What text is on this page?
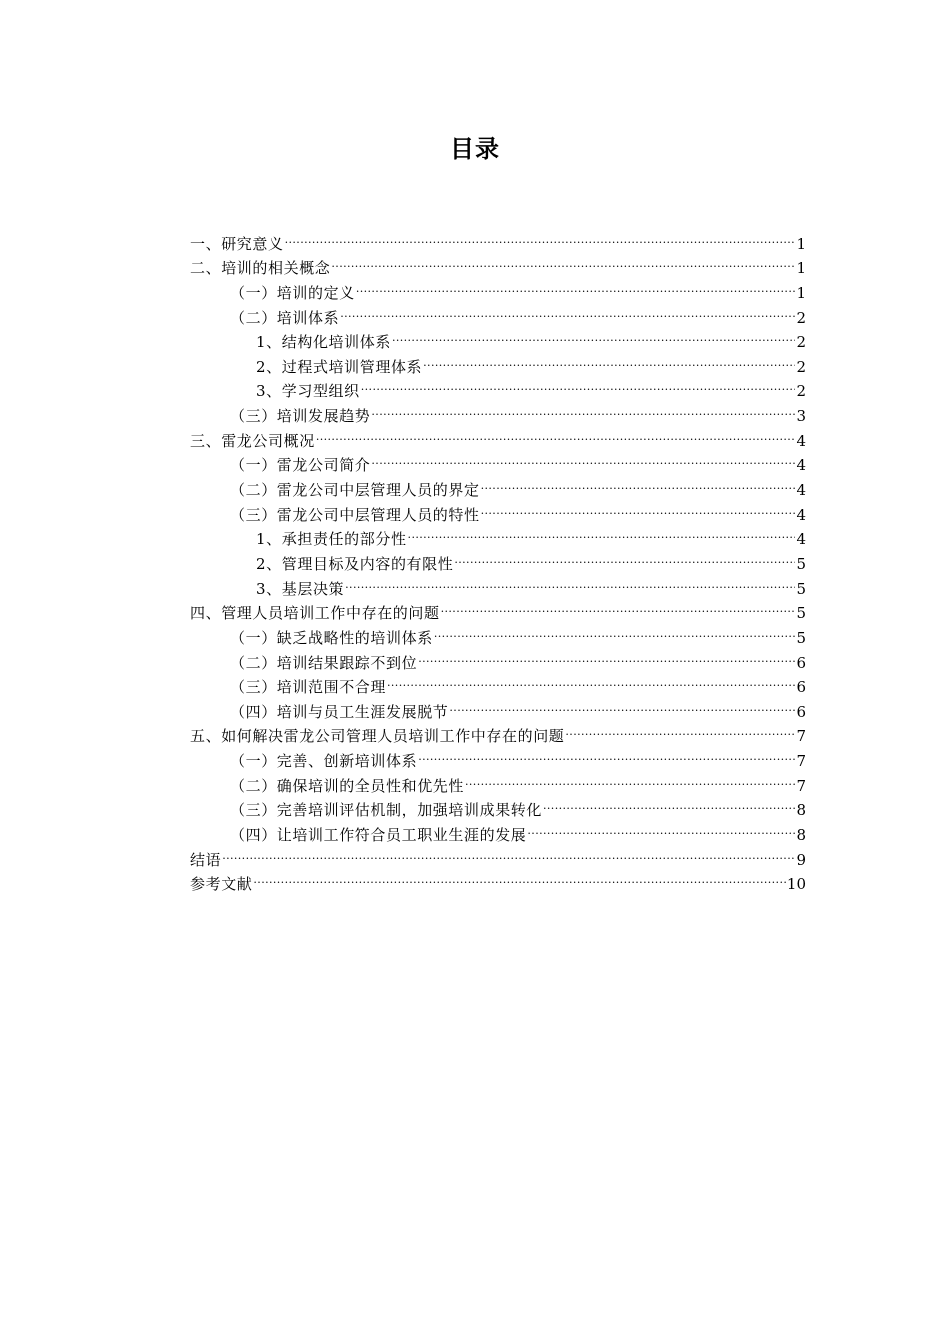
目录
一、研究意义 .....	1
二、培训的相关概念 .....	1
（一）培训的定义 .....	1
（二）培训体系 .....	2
1、结构化培训体系 .....	2
2、过程式培训管理体系 .....	2
3、学习型组织 .....	2
（三）培训发展趋势 .....	3
三、雷龙公司概况 .....	4
（一）雷龙公司简介 .....	4
（二）雷龙公司中层管理人员的界定 .....	4
（三）雷龙公司中层管理人员的特性 .....	4
1、承担责任的部分性 .....	4
2、管理目标及内容的有限性 .....	5
3、基层决策 .....	5
四、管理人员培训工作中存在的问题 .....	5
（一）缺乏战略性的培训体系 .....	5
（二）培训结果跟踪不到位 .....	6
（三）培训范围不合理 .....	6
（四）培训与员工生涯发展脱节 .....	6
五、如何解决雷龙公司管理人员培训工作中存在的问题 .....	7
（一）完善、创新培训体系 .....	7
（二）确保培训的全员性和优先性 .....	7
（三）完善培训评估机制，加强培训成果转化 .....	8
（四）让培训工作符合员工职业生涯的发展 .....	8
结语 .....	9
参考文献 .....	10
